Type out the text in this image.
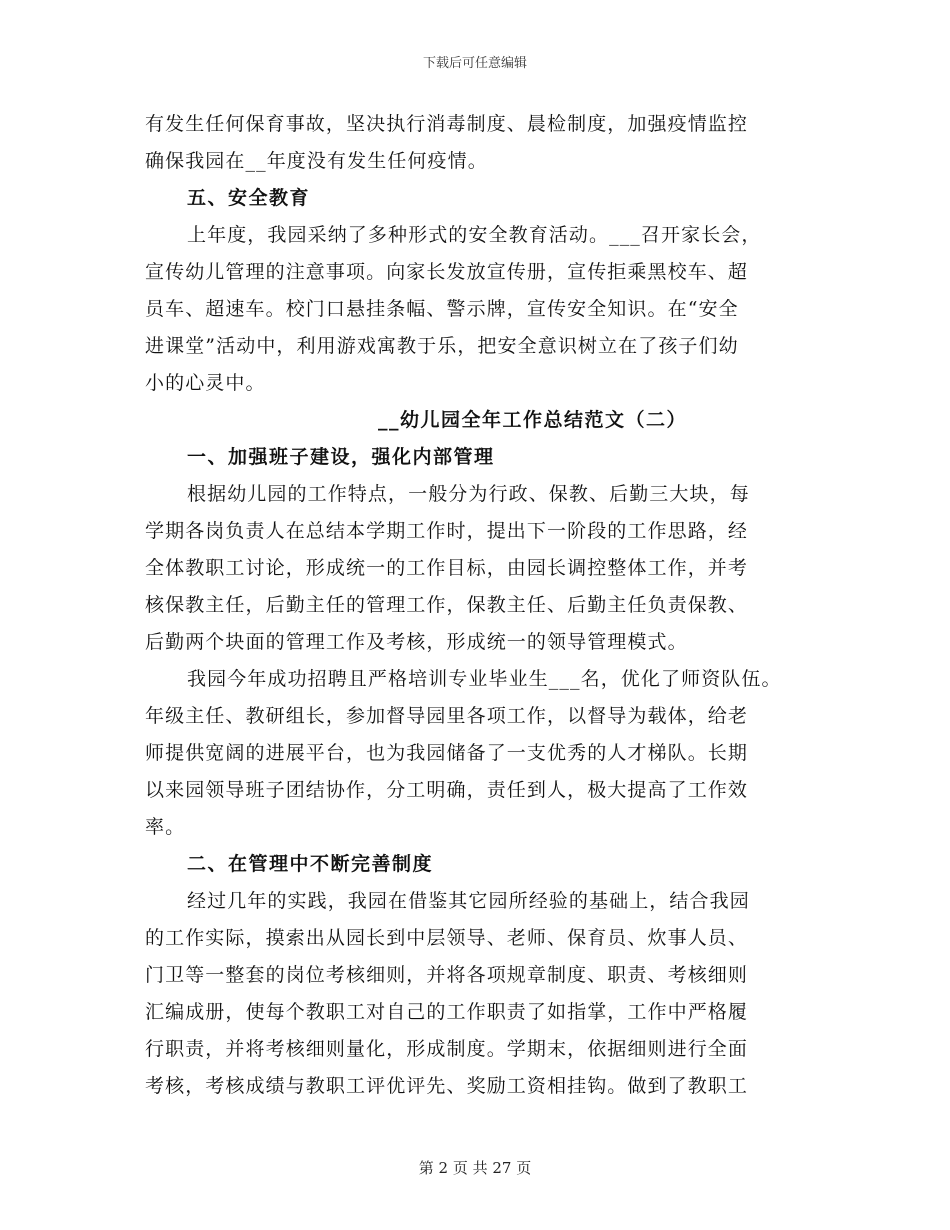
下载后可任意编辑
有发生任何保育事故，坚决执行消毒制度、晨检制度，加强疫情监控
确保我园在__年度没有发生任何疫情。
五、安全教育
上年度，我园采纳了多种形式的安全教育活动。___召开家长会，
宣传幼儿管理的注意事项。向家长发放宣传册，宣传拒乘黑校车、超
员车、超速车。校门口悬挂条幅、警示牌，宣传安全知识。在“安全
进课堂”活动中，利用游戏寓教于乐，把安全意识树立在了孩子们幼
小的心灵中。
__幼儿园全年工作总结范文（二）
一、加强班子建设，强化内部管理
根据幼儿园的工作特点，一般分为行政、保教、后勤三大块，每
学期各岗负责人在总结本学期工作时，提出下一阶段的工作思路，经
全体教职工讨论，形成统一的工作目标，由园长调控整体工作，并考
核保教主任，后勤主任的管理工作，保教主任、后勤主任负责保教、
后勤两个块面的管理工作及考核，形成统一的领导管理模式。
我园今年成功招聘且严格培训专业毕业生___名，优化了师资队伍。
年级主任、教研组长，参加督导园里各项工作，以督导为载体，给老
师提供宽阔的进展平台，也为我园储备了一支优秀的人才梯队。长期
以来园领导班子团结协作，分工明确，责任到人，极大提高了工作效
率。
二、在管理中不断完善制度
经过几年的实践，我园在借鉴其它园所经验的基础上，结合我园
的工作实际，摸索出从园长到中层领导、老师、保育员、炊事人员、
门卫等一整套的岗位考核细则，并将各项规章制度、职责、考核细则
汇编成册，使每个教职工对自己的工作职责了如指掌，工作中严格履
行职责，并将考核细则量化，形成制度。学期末，依据细则进行全面
考核，考核成绩与教职工评优评先、奖励工资相挂钩。做到了教职工
第 2 页 共 27 页
